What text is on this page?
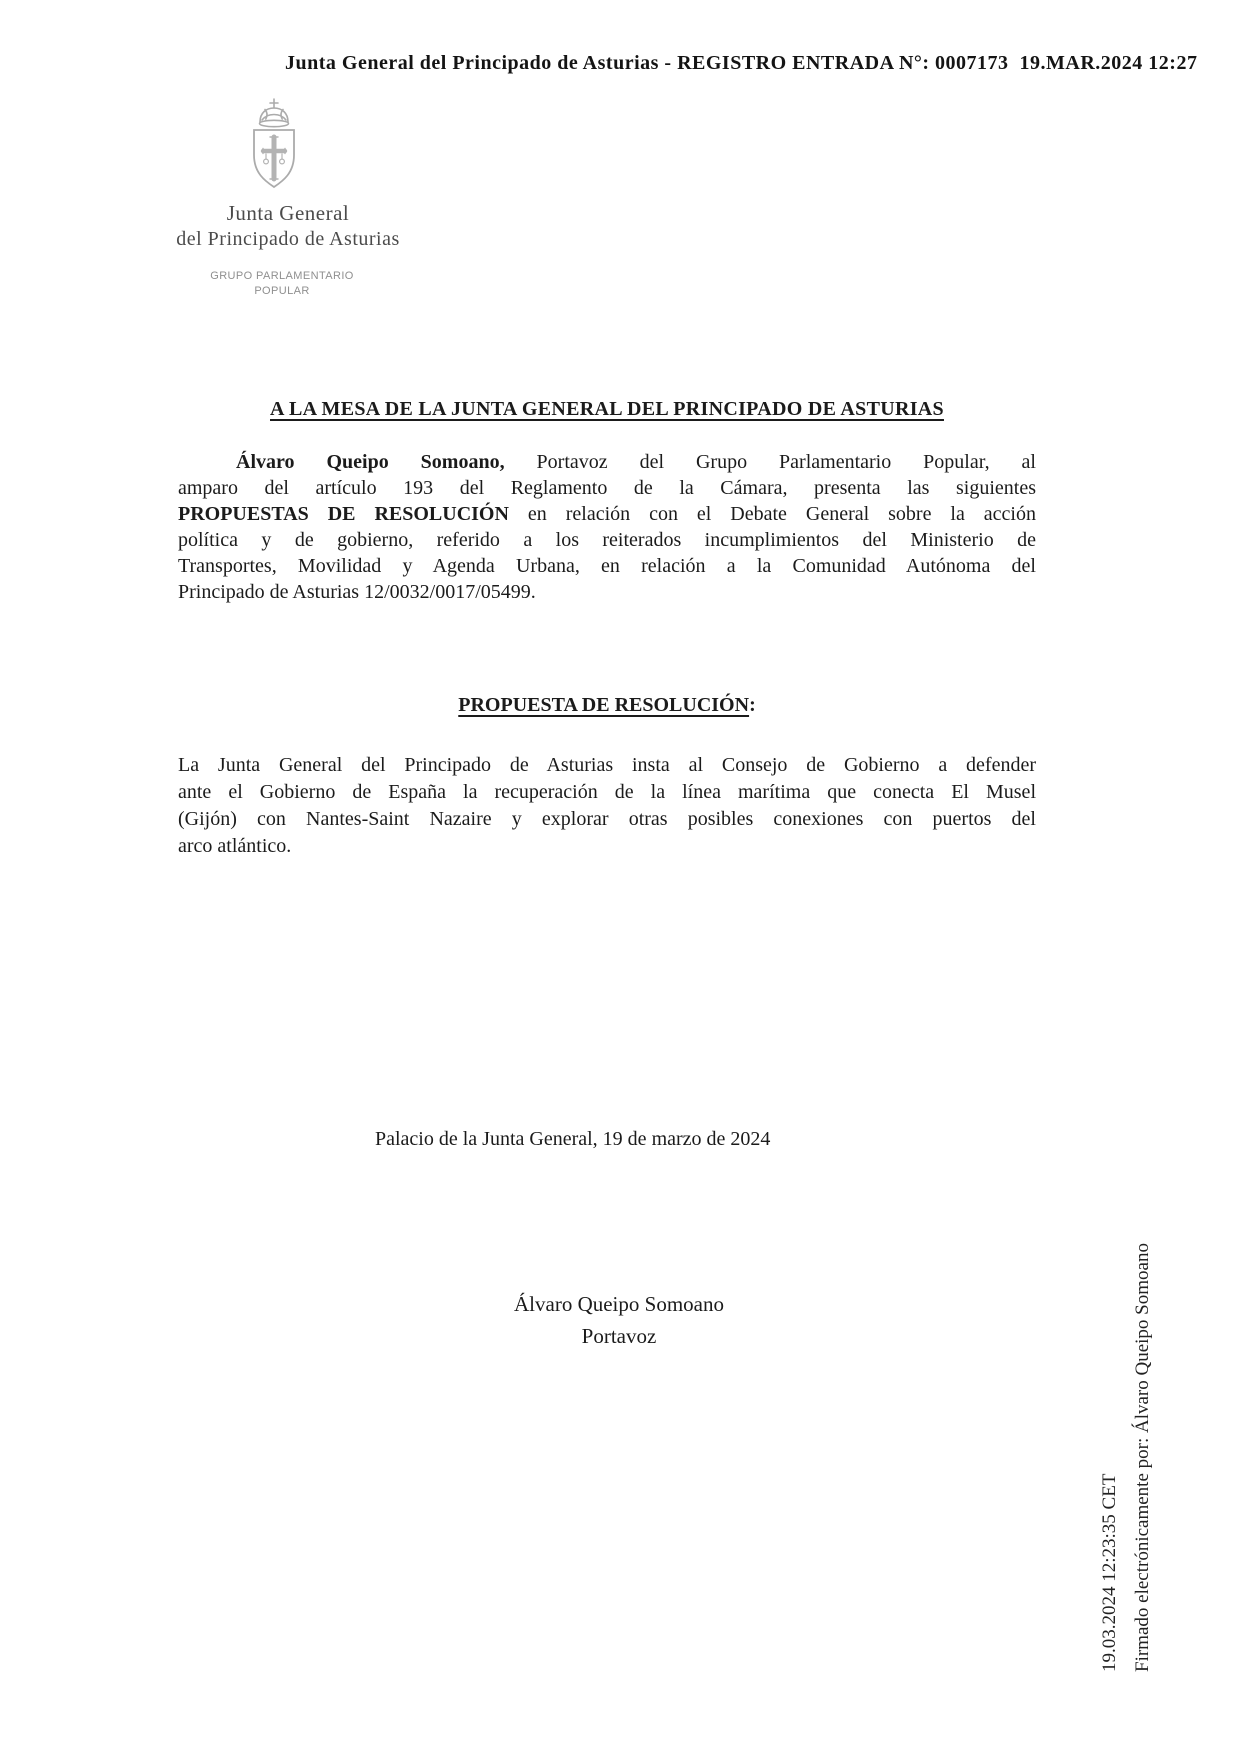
Junta General del Principado de Asturias - REGISTRO ENTRADA N°: 0007173  19.MAR.2024 12:27
Junta General
del Principado de Asturias
GRUPO PARLAMENTARIO
POPULAR
A LA MESA DE LA JUNTA GENERAL DEL PRINCIPADO DE ASTURIAS
Álvaro Queipo Somoano, Portavoz del Grupo Parlamentario Popular, al
amparo del artículo 193 del Reglamento de la Cámara, presenta las siguientes
PROPUESTAS DE RESOLUCIÓN en relación con el Debate General sobre la acción
política y de gobierno, referido a los reiterados incumplimientos del Ministerio de
Transportes, Movilidad y Agenda Urbana, en relación a la Comunidad Autónoma del
Principado de Asturias 12/0032/0017/05499.
PROPUESTA DE RESOLUCIÓN:
La Junta General del Principado de Asturias insta al Consejo de Gobierno a defender
ante el Gobierno de España la recuperación de la línea marítima que conecta El Musel
(Gijón) con Nantes-Saint Nazaire y explorar otras posibles conexiones con puertos del
arco atlántico.
Palacio de la Junta General, 19 de marzo de 2024
Álvaro Queipo Somoano
Portavoz
19.03.2024 12:23:35 CET Firmado electrónicamente por: Álvaro Queipo Somoano
